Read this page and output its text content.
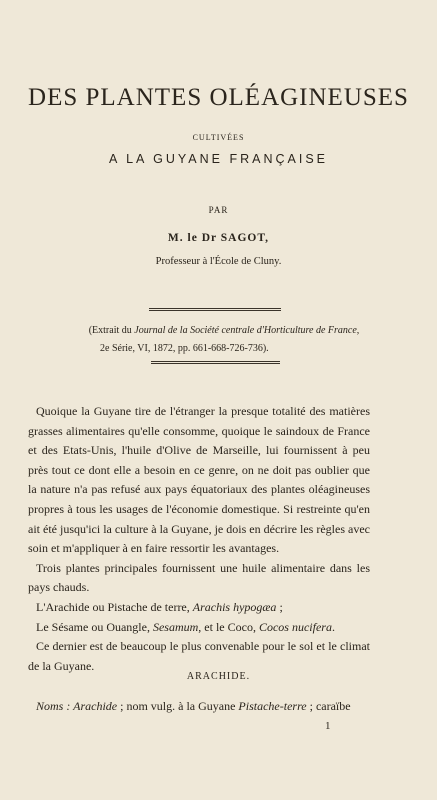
DES PLANTES OLÉAGINEUSES
CULTIVÉES
A LA GUYANE FRANÇAISE
PAR
M. le Dr SAGOT,
Professeur à l'École de Cluny.
(Extrait du Journal de la Société centrale d'Horticulture de France,
2e Série, VI, 1872, pp. 661-668-726-736).

Quoique la Guyane tire de l'étranger la presque totalité des matières grasses alimentaires qu'elle consomme, quoique le saindoux de France et des Etats-Unis, l'huile d'Olive de Marseille, lui fournissent à peu près tout ce dont elle a besoin en ce genre, on ne doit pas oublier que la nature n'a pas refusé aux pays équatoriaux des plantes oléagineuses propres à tous les usages de l'économie domestique. Si restreinte qu'en ait été jusqu'ici la culture à la Guyane, je dois en décrire les règles avec soin et m'appliquer à en faire ressortir les avantages.

Trois plantes principales fournissent une huile alimentaire dans les pays chauds.

L'Arachide ou Pistache de terre, Arachis hypogæa ;

Le Sésame ou Ouangle, Sesamum, et le Coco, Cocos nucifera.

Ce dernier est de beaucoup le plus convenable pour le sol et le climat de la Guyane.

ARACHIDE.
Noms : Arachide ; nom vulg. à la Guyane Pistache-terre ; caraïbe
1
